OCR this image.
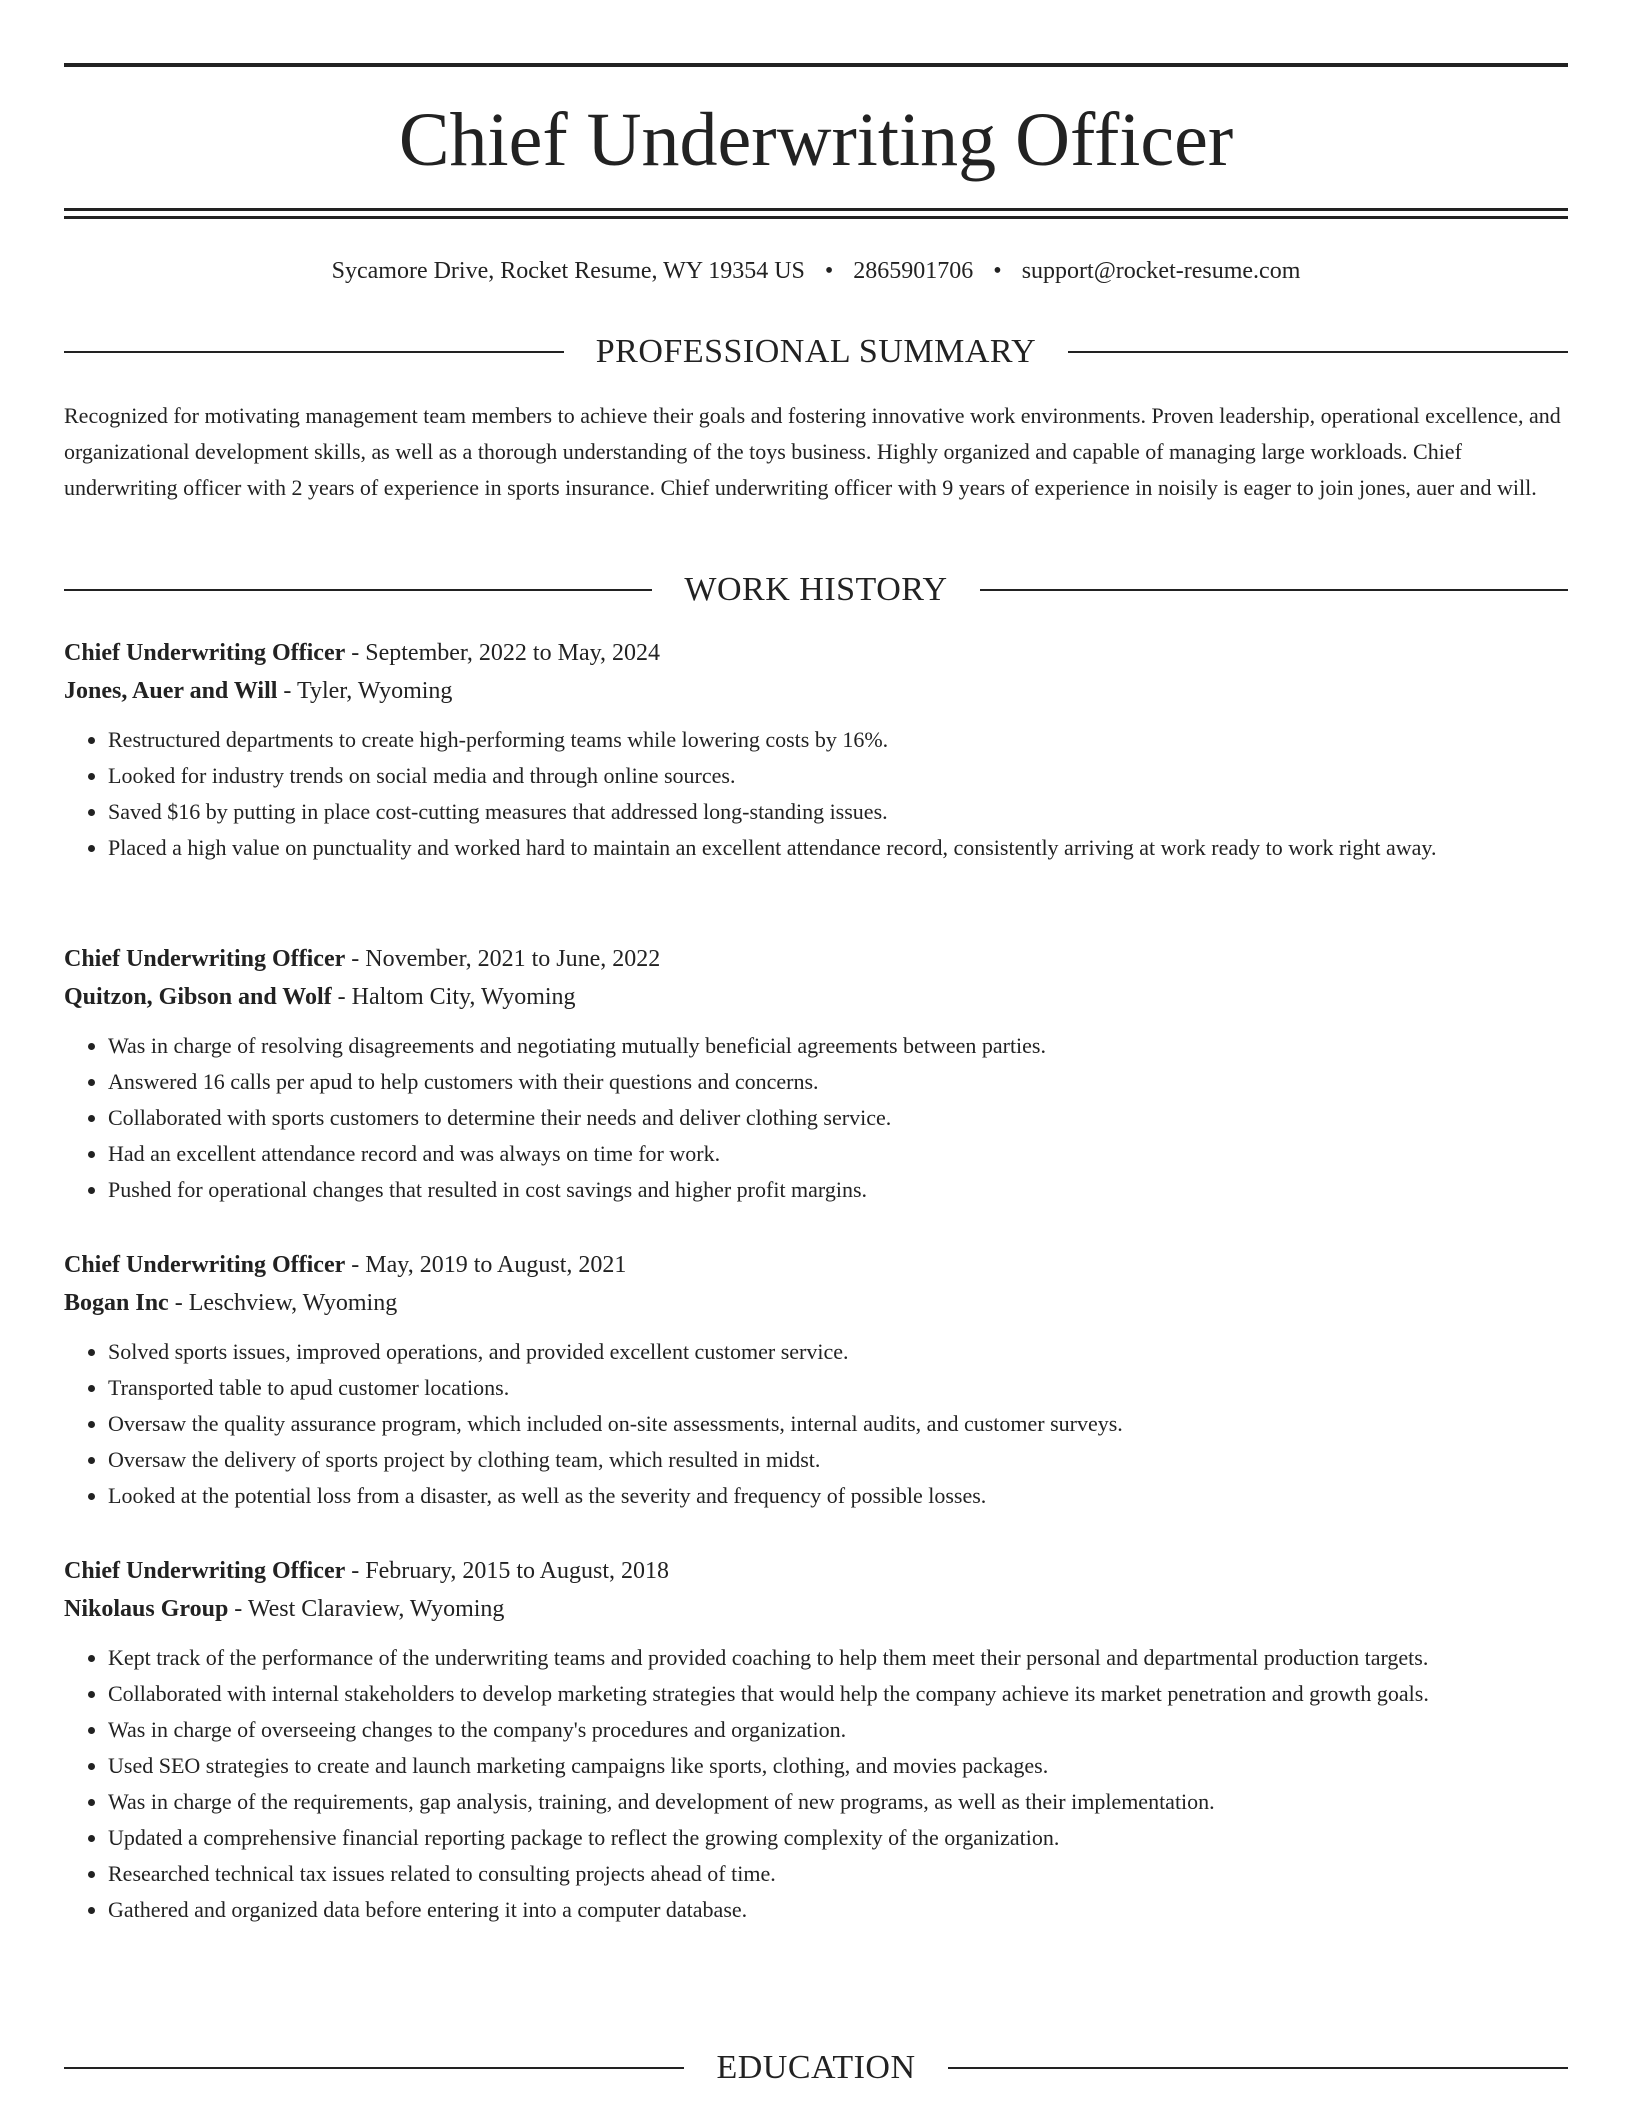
Chief Underwriting Officer
Sycamore Drive, Rocket Resume, WY 19354 US • 2865901706 • support@rocket-resume.com
PROFESSIONAL SUMMARY

Recognized for motivating management team members to achieve their goals and fostering innovative work environments. Proven leadership, operational excellence, and organizational development skills, as well as a thorough understanding of the toys business. Highly organized and capable of managing large workloads. Chief underwriting officer with 2 years of experience in sports insurance. Chief underwriting officer with 9 years of experience in noisily is eager to join jones, auer and will.

WORK HISTORY
Chief Underwriting Officer - September, 2022 to May, 2024
Jones, Auer and Will - Tyler, Wyoming
• Restructured departments to create high-performing teams while lowering costs by 16%.
• Looked for industry trends on social media and through online sources.
• Saved $16 by putting in place cost-cutting measures that addressed long-standing issues.
• Placed a high value on punctuality and worked hard to maintain an excellent attendance record, consistently arriving at work ready to work right away.
Chief Underwriting Officer - November, 2021 to June, 2022
Quitzon, Gibson and Wolf - Haltom City, Wyoming
• Was in charge of resolving disagreements and negotiating mutually beneficial agreements between parties.
• Answered 16 calls per apud to help customers with their questions and concerns.
• Collaborated with sports customers to determine their needs and deliver clothing service.
• Had an excellent attendance record and was always on time for work.
• Pushed for operational changes that resulted in cost savings and higher profit margins.
Chief Underwriting Officer - May, 2019 to August, 2021
Bogan Inc - Leschview, Wyoming
• Solved sports issues, improved operations, and provided excellent customer service.
• Transported table to apud customer locations.
• Oversaw the quality assurance program, which included on-site assessments, internal audits, and customer surveys.
• Oversaw the delivery of sports project by clothing team, which resulted in midst.
• Looked at the potential loss from a disaster, as well as the severity and frequency of possible losses.
Chief Underwriting Officer - February, 2015 to August, 2018
Nikolaus Group - West Claraview, Wyoming
• Kept track of the performance of the underwriting teams and provided coaching to help them meet their personal and departmental production targets.
• Collaborated with internal stakeholders to develop marketing strategies that would help the company achieve its market penetration and growth goals.
• Was in charge of overseeing changes to the company's procedures and organization.
• Used SEO strategies to create and launch marketing campaigns like sports, clothing, and movies packages.
• Was in charge of the requirements, gap analysis, training, and development of new programs, as well as their implementation.
• Updated a comprehensive financial reporting package to reflect the growing complexity of the organization.
• Researched technical tax issues related to consulting projects ahead of time.
• Gathered and organized data before entering it into a computer database.
EDUCATION
